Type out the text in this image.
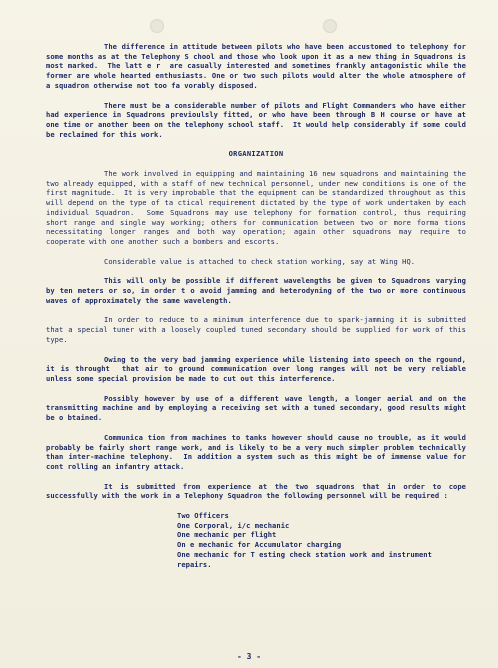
The difference in attitude between pilots who have been accustomed to telephony for some months as at the Telephony S chool and those who look upon it as a new thing in Squadrons is most marked.  The latt e r  are casually interested and sometimes frankly antagonistic while the former are whole hearted enthusiasts. One or two such pilots would alter the whole atmosphere of a squadron otherwise not too fa vorably disposed.

There must be a considerable number of pilots and Flight Commanders who have either had experience in Squadrons previoulsly fitted, or who have been through B H course or have at one time or another been on the telephony school staff.  It would help considerably if some could be reclaimed for this work.

ORGANIZATION

The work involved in equipping and maintaining 16 new squadrons and maintaining the two already equipped, with a staff of new technical personnel, under new conditions is one of the first magnitude.  It is very improbable that the equipment can be standardized throughout as this will depend on the type of ta ctical requirement dictated by the type of work undertaken by each individual Squadron.  Some Squadrons may use telephony for formation control, thus requiring short range and single way working; others for communication between two or more forma tions necessitating longer ranges and both way operation; again other squadrons may require to cooperate with one another such a bombers and escorts.

Considerable value is attached to check station working, say at Wing HQ.

This will only be possible if different wavelengths be given to Squadrons varying by ten meters or so, in order t o avoid jamming and heterodyning of the two or more continuous waves of approximately the same wavelength.

In order to reduce to a minimum interference due to spark-jamming it is submitted that a special tuner with a loosely coupled tuned secondary should be supplied for work of this type.

Owing to the very bad jamming experience while listening into speech on the rgound, it is throught  that air to ground communication over long ranges will not be very reliable unless some special provision be made to cut out this interference.

Possibly however by use of a different wave length, a longer aerial and on the transmitting machine and by employing a receiving set with a tuned secondary, good results might be o btained.

Communica tion from machines to tanks however should cause no trouble, as it would probably be fairly short range work, and is likely to be a very much simpler problem technically than inter-machine telephony.  In addition a system such as this might be of immense value for cont rolling an infantry attack.

It is submitted from experience at the two squadrons that in order to cope successfully with the work in a Telephony Squadron the following personnel will be required :

Two Officers
One Corporal, i/c mechanic
One mechanic per flight
On e mechanic for Accumulator charging
One mechanic for T esting check station work and instrument repairs.
- 3 -
